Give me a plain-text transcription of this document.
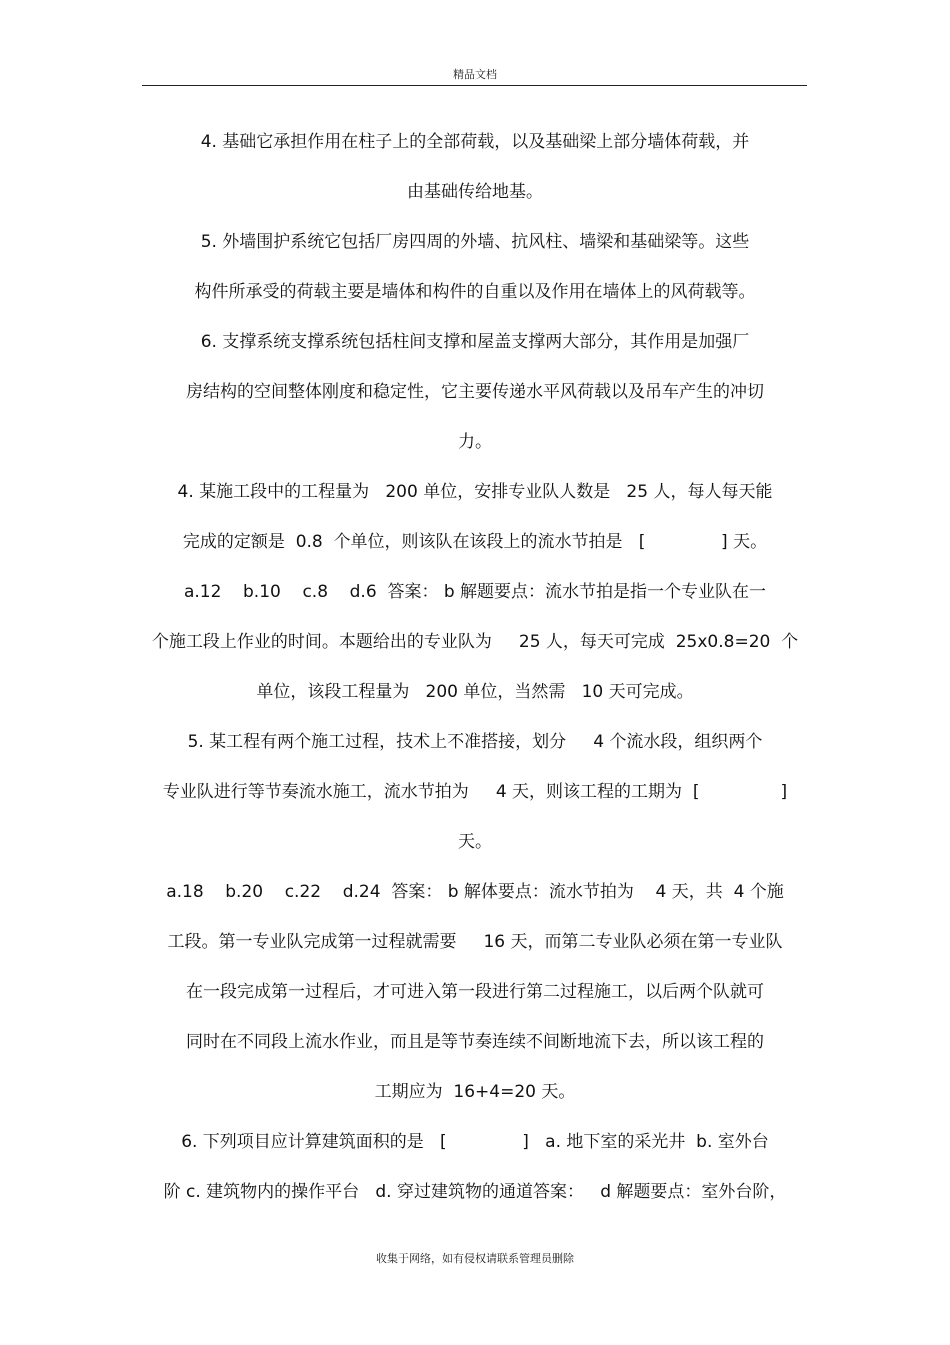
精品文档
4. 基础它承担作用在柱子上的全部荷载，以及基础梁上部分墙体荷载，并
由基础传给地基。
5. 外墙围护系统它包括厂房四周的外墙、抗风柱、墙梁和基础梁等。这些
构件所承受的荷载主要是墙体和构件的自重以及作用在墙体上的风荷载等。
6. 支撑系统支撑系统包括柱间支撑和屋盖支撑两大部分，其作用是加强厂
房结构的空间整体刚度和稳定性，它主要传递水平风荷载以及吊车产生的冲切
力。
4. 某施工段中的工程量为   200 单位，安排专业队人数是   25 人，每人每天能
完成的定额是  0.8  个单位，则该队在该段上的流水节拍是   [              ] 天。
a.12    b.10    c.8    d.6  答案： b 解题要点：流水节拍是指一个专业队在一
个施工段上作业的时间。本题给出的专业队为     25 人，每天可完成  25x0.8=20  个
单位，该段工程量为   200 单位，当然需   10 天可完成。
5. 某工程有两个施工过程，技术上不准搭接，划分     4 个流水段，组织两个
专业队进行等节奏流水施工，流水节拍为     4 天，则该工程的工期为  [               ]
天。
a.18    b.20    c.22    d.24  答案： b 解体要点：流水节拍为    4 天，共  4 个施
工段。第一专业队完成第一过程就需要     16 天，而第二专业队必须在第一专业队
在一段完成第一过程后，才可进入第一段进行第二过程施工，以后两个队就可
同时在不同段上流水作业，而且是等节奏连续不间断地流下去，所以该工程的
工期应为  16+4=20 天。
6. 下列项目应计算建筑面积的是   [              ]   a. 地下室的采光井  b. 室外台
阶 c. 建筑物内的操作平台   d. 穿过建筑物的通道答案：   d 解题要点：室外台阶，
收集于网络，如有侵权请联系管理员删除
